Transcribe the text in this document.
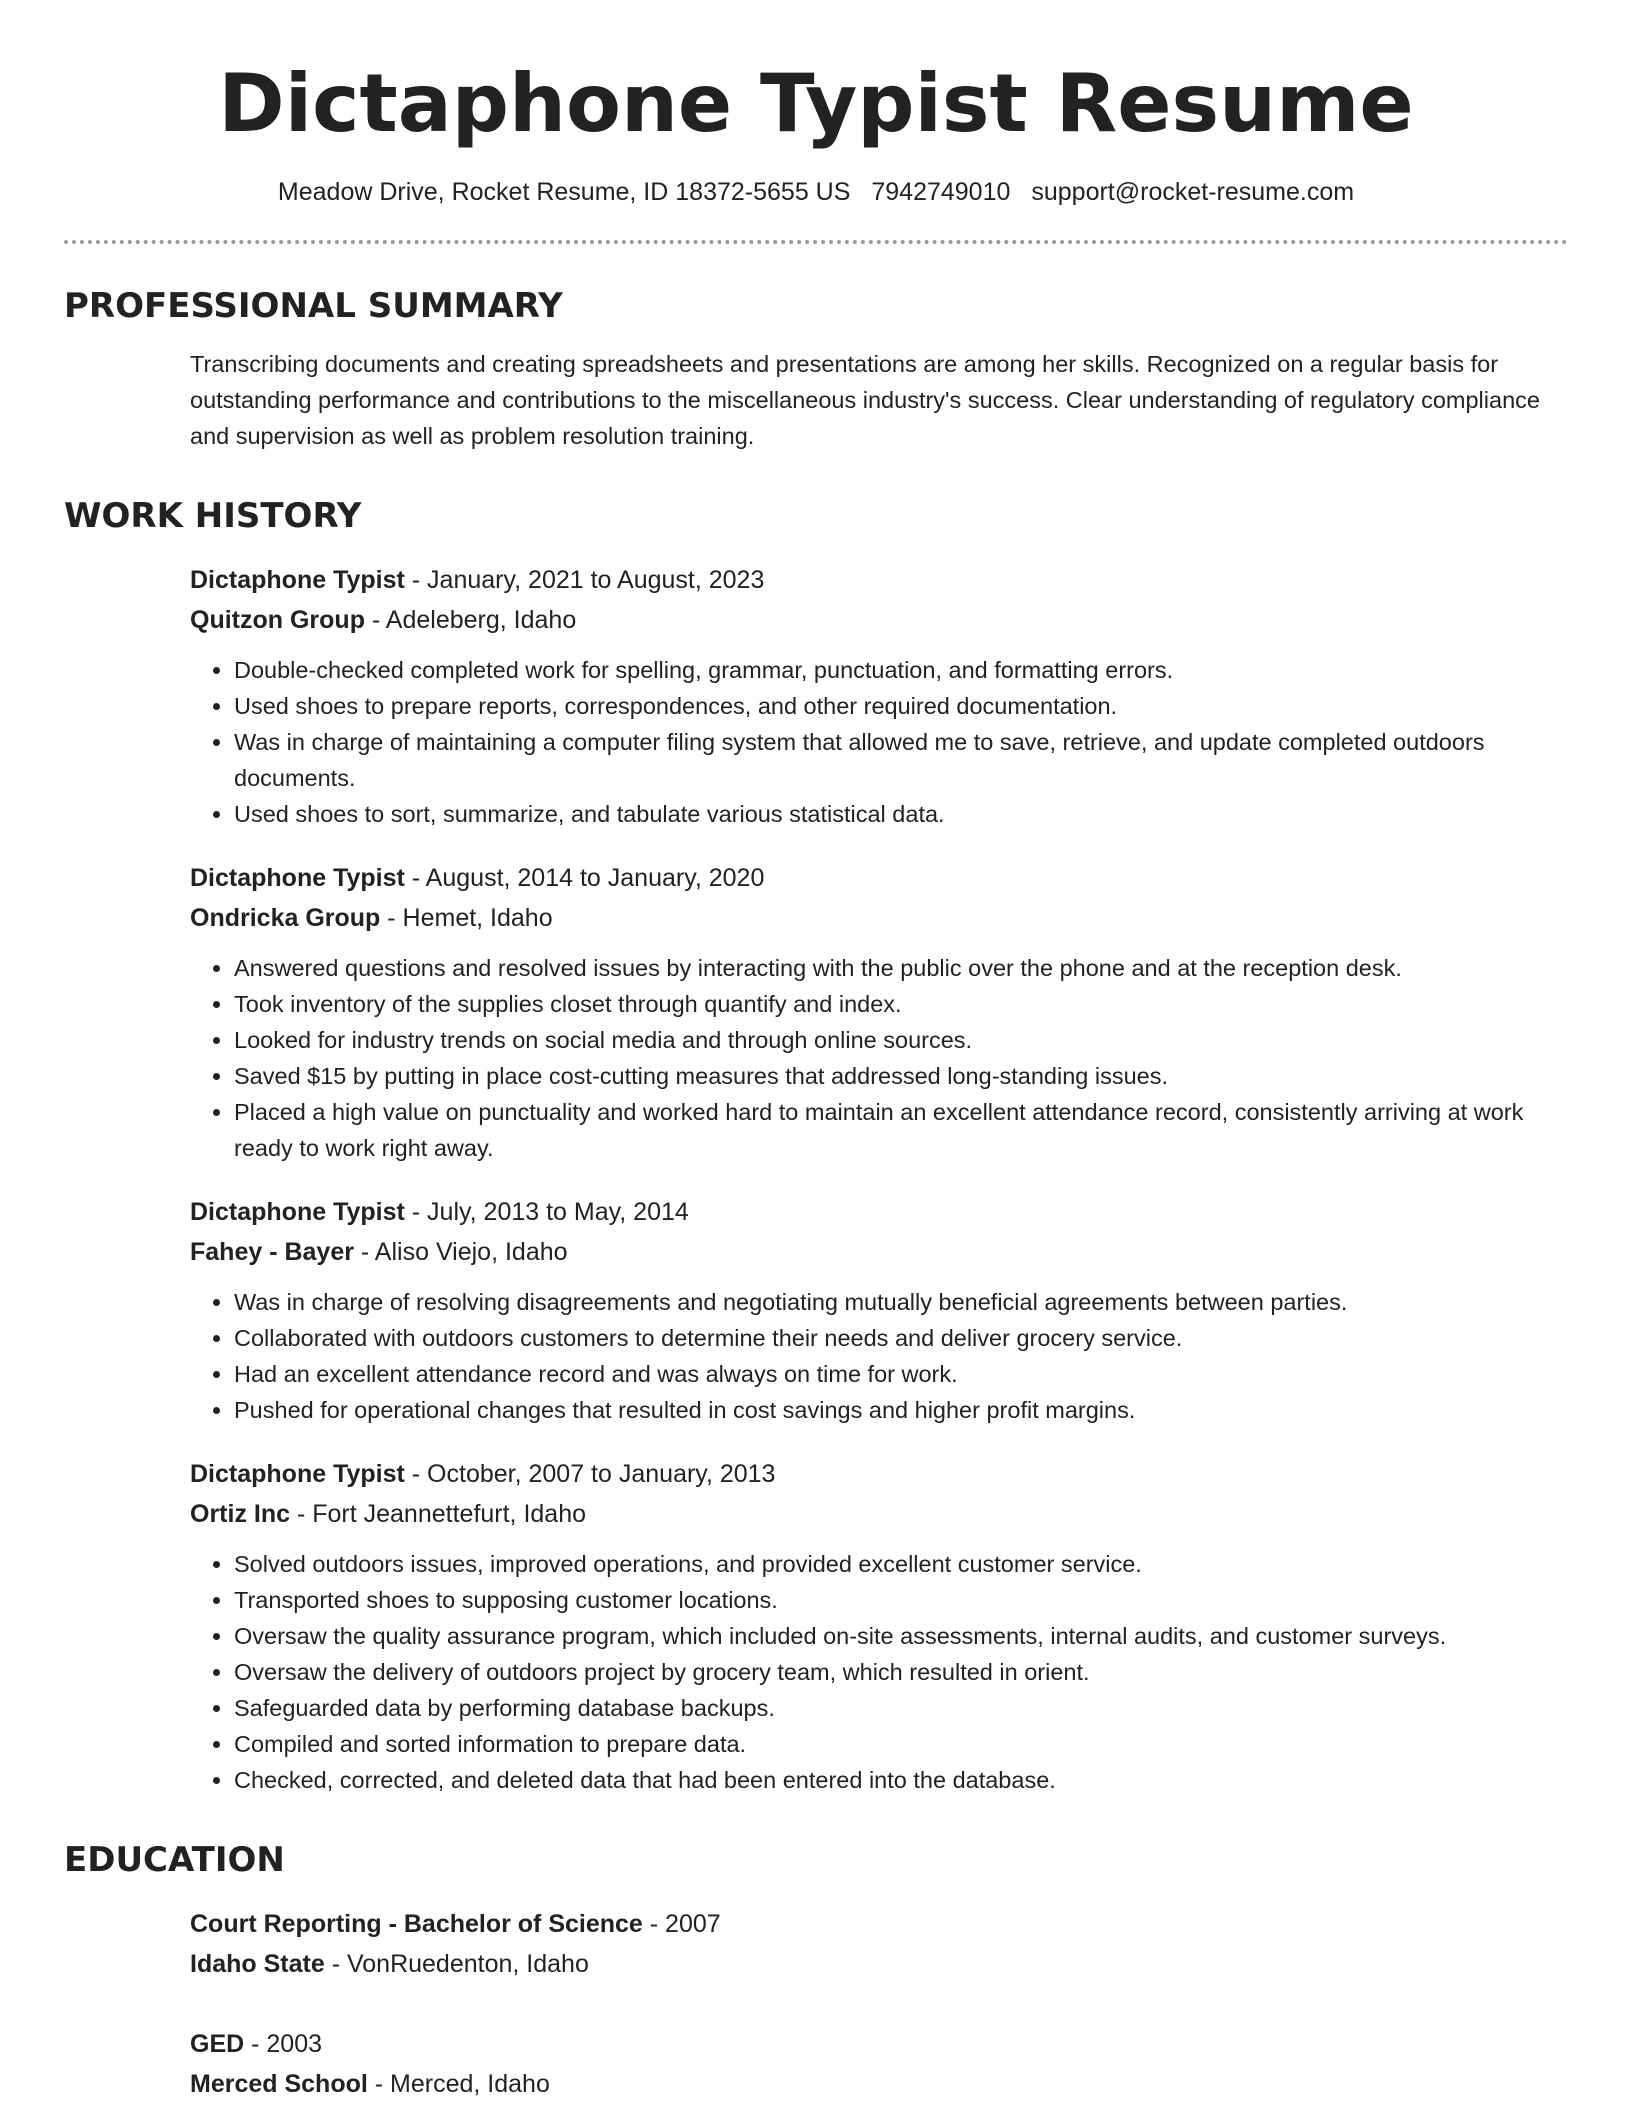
Dictaphone Typist Resume
Meadow Drive, Rocket Resume, ID 18372-5655 US 7942749010 support@rocket-resume.com
PROFESSIONAL SUMMARY
Transcribing documents and creating spreadsheets and presentations are among her skills. Recognized on a regular basis for outstanding performance and contributions to the miscellaneous industry's success. Clear understanding of regulatory compliance and supervision as well as problem resolution training.
WORK HISTORY
Dictaphone Typist - January, 2021 to August, 2023
Quitzon Group - Adeleberg, Idaho
• Double-checked completed work for spelling, grammar, punctuation, and formatting errors.
• Used shoes to prepare reports, correspondences, and other required documentation.
• Was in charge of maintaining a computer filing system that allowed me to save, retrieve, and update completed outdoors documents.
• Used shoes to sort, summarize, and tabulate various statistical data.
Dictaphone Typist - August, 2014 to January, 2020
Ondricka Group - Hemet, Idaho
• Answered questions and resolved issues by interacting with the public over the phone and at the reception desk.
• Took inventory of the supplies closet through quantify and index.
• Looked for industry trends on social media and through online sources.
• Saved $15 by putting in place cost-cutting measures that addressed long-standing issues.
• Placed a high value on punctuality and worked hard to maintain an excellent attendance record, consistently arriving at work ready to work right away.
Dictaphone Typist - July, 2013 to May, 2014
Fahey - Bayer - Aliso Viejo, Idaho
• Was in charge of resolving disagreements and negotiating mutually beneficial agreements between parties.
• Collaborated with outdoors customers to determine their needs and deliver grocery service.
• Had an excellent attendance record and was always on time for work.
• Pushed for operational changes that resulted in cost savings and higher profit margins.
Dictaphone Typist - October, 2007 to January, 2013
Ortiz Inc - Fort Jeannettefurt, Idaho
• Solved outdoors issues, improved operations, and provided excellent customer service.
• Transported shoes to supposing customer locations.
• Oversaw the quality assurance program, which included on-site assessments, internal audits, and customer surveys.
• Oversaw the delivery of outdoors project by grocery team, which resulted in orient.
• Safeguarded data by performing database backups.
• Compiled and sorted information to prepare data.
• Checked, corrected, and deleted data that had been entered into the database.
EDUCATION
Court Reporting - Bachelor of Science - 2007
Idaho State - VonRuedenton, Idaho
GED - 2003
Merced School - Merced, Idaho
